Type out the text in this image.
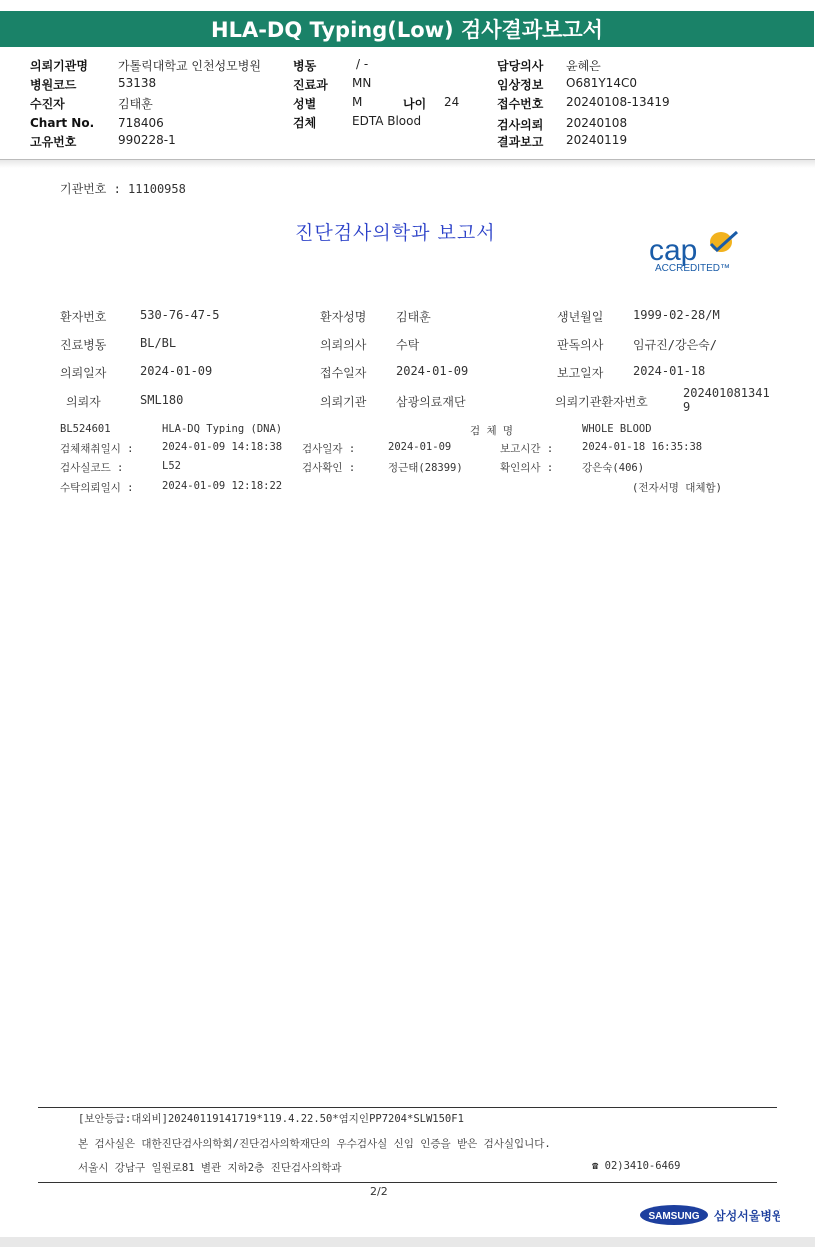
HLA-DQ Typing(Low) 검사결과보고서
의뢰기관명	가톨릭대학교 인천성모병원
병원코드	53138
수진자	김태훈
Chart No. 718406
고유번호	990228-1
병동	/ -
진료과 MN
성별	M	나이 24
검체	EDTA Blood
담당의사 윤혜은
임상정보 O681Y14C0
접수번호 20240108-13419
검사의뢰 20240108
결과보고 20240119
기관번호 : 11100958
진단검사의학과 보고서
cap
ACCREDITED™
환자번호	530-76-47-5	환자성명 김태훈	생년월일 1999-02-28/M
진료병동	BL/BL	의뢰의사 수탁	판독의사 임규진/강은숙/
의뢰일자	2024-01-09	접수일자 2024-01-09	보고일자 2024-01-18
의뢰자	SML180	의뢰기관 삼광의료재단	의뢰기관환자번호
202401081341
9
BL524601	HLA-DQ Typing (DNA)	검 체 명	WHOLE BLOOD
검체채취일시 :	2024-01-09 14:18:38 검사일자 :	2024-01-09	보고시간 :	2024-01-18 16:35:38
검사실코드 :	L52	검사확인 :	정근태(28399)	확인의사 :	강은숙(406)
수탁의뢰일시 :	2024-01-09 12:18:22	(전자서명 대체함)
[보안등급:대외비]20240119141719*119.4.22.50*염지인PP7204*SLW150F1
본 검사실은 대한진단검사의학회/진단검사의학재단의 우수검사실 신임 인증을 받은 검사실입니다.
서울시 강남구 일원로81 별관 지하2층 진단검사의학과	☎ 02)3410-6469
2/2
SAMSUNG 삼성서울병원
